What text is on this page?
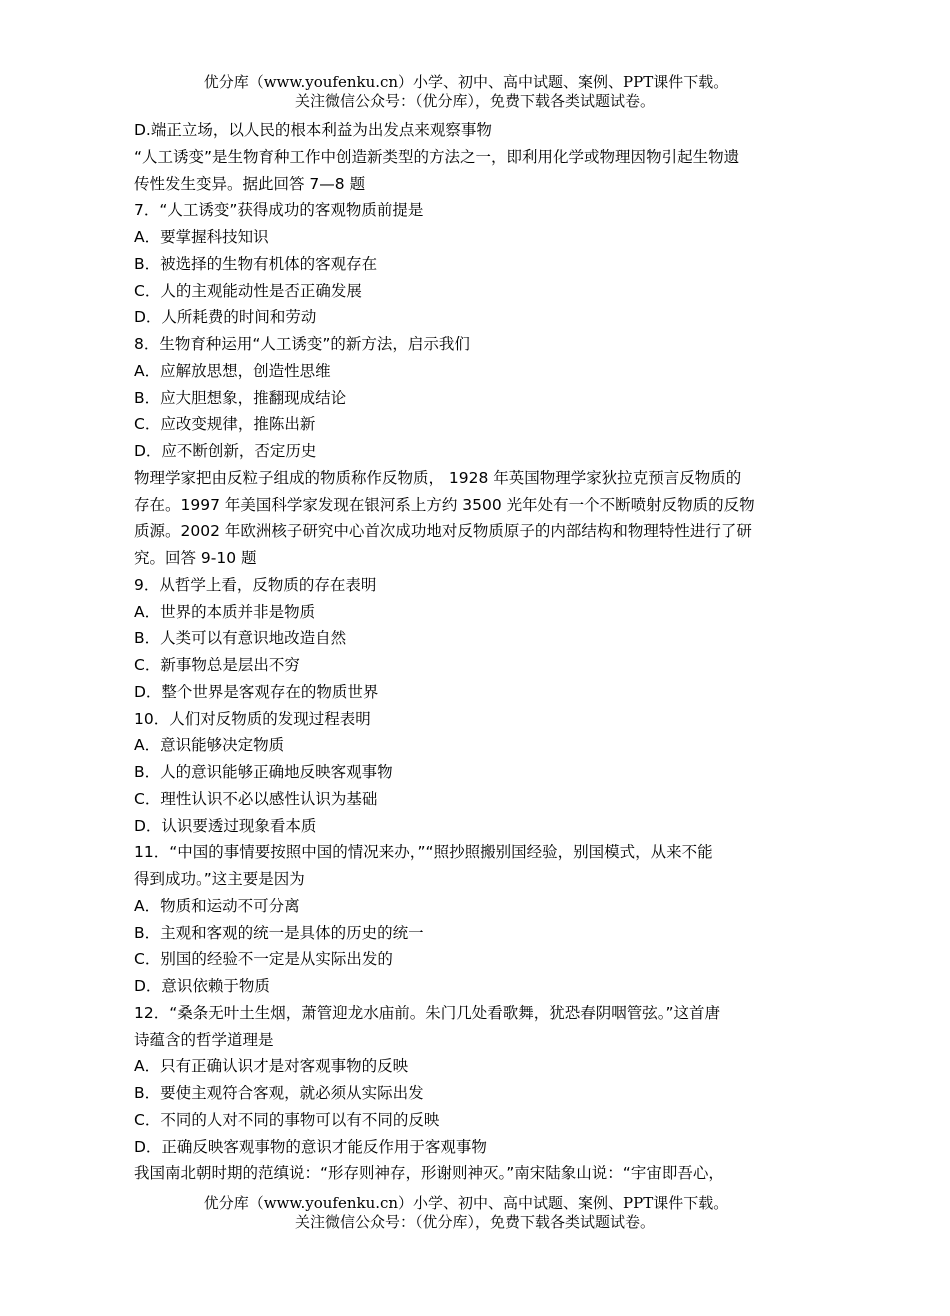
优分库（www.youfenku.cn）小学、初中、高中试题、案例、PPT课件下载。
关注微信公众号：（优分库），免费下载各类试题试卷。
D.端正立场，以人民的根本利益为出发点来观察事物
“人工诱变”是生物育种工作中创造新类型的方法之一，即利用化学或物理因物引起生物遗
传性发生变异。据此回答 7—8 题
7．“人工诱变”获得成功的客观物质前提是
A．要掌握科技知识
B．被选择的生物有机体的客观存在
C．人的主观能动性是否正确发展
D．人所耗费的时间和劳动
8．生物育种运用“人工诱变”的新方法，启示我们
A．应解放思想，创造性思维
B．应大胆想象，推翻现成结论
C．应改变规律，推陈出新
D．应不断创新，否定历史
物理学家把由反粒子组成的物质称作反物质， 1928 年英国物理学家狄拉克预言反物质的
存在。1997 年美国科学家发现在银河系上方约 3500 光年处有一个不断喷射反物质的反物
质源。2002 年欧洲核子研究中心首次成功地对反物质原子的内部结构和物理特性进行了研
究。回答 9-10 题
9．从哲学上看，反物质的存在表明
A．世界的本质并非是物质
B．人类可以有意识地改造自然
C．新事物总是层出不穷
D．整个世界是客观存在的物质世界
10．人们对反物质的发现过程表明
A．意识能够决定物质
B．人的意识能够正确地反映客观事物
C．理性认识不必以感性认识为基础
D．认识要透过现象看本质
11．“中国的事情要按照中国的情况来办，”“照抄照搬别国经验，别国模式，从来不能
得到成功。”这主要是因为
A．物质和运动不可分离
B．主观和客观的统一是具体的历史的统一
C．别国的经验不一定是从实际出发的
D．意识依赖于物质
12．“桑条无叶土生烟，萧管迎龙水庙前。朱门几处看歌舞，犹恐春阴咽管弦。”这首唐
诗蕴含的哲学道理是
A．只有正确认识才是对客观事物的反映
B．要使主观符合客观，就必须从实际出发
C．不同的人对不同的事物可以有不同的反映
D．正确反映客观事物的意识才能反作用于客观事物
我国南北朝时期的范缜说：“形存则神存，形谢则神灭。”南宋陆象山说：“宇宙即吾心，
优分库（www.youfenku.cn）小学、初中、高中试题、案例、PPT课件下载。
关注微信公众号：（优分库），免费下载各类试题试卷。
